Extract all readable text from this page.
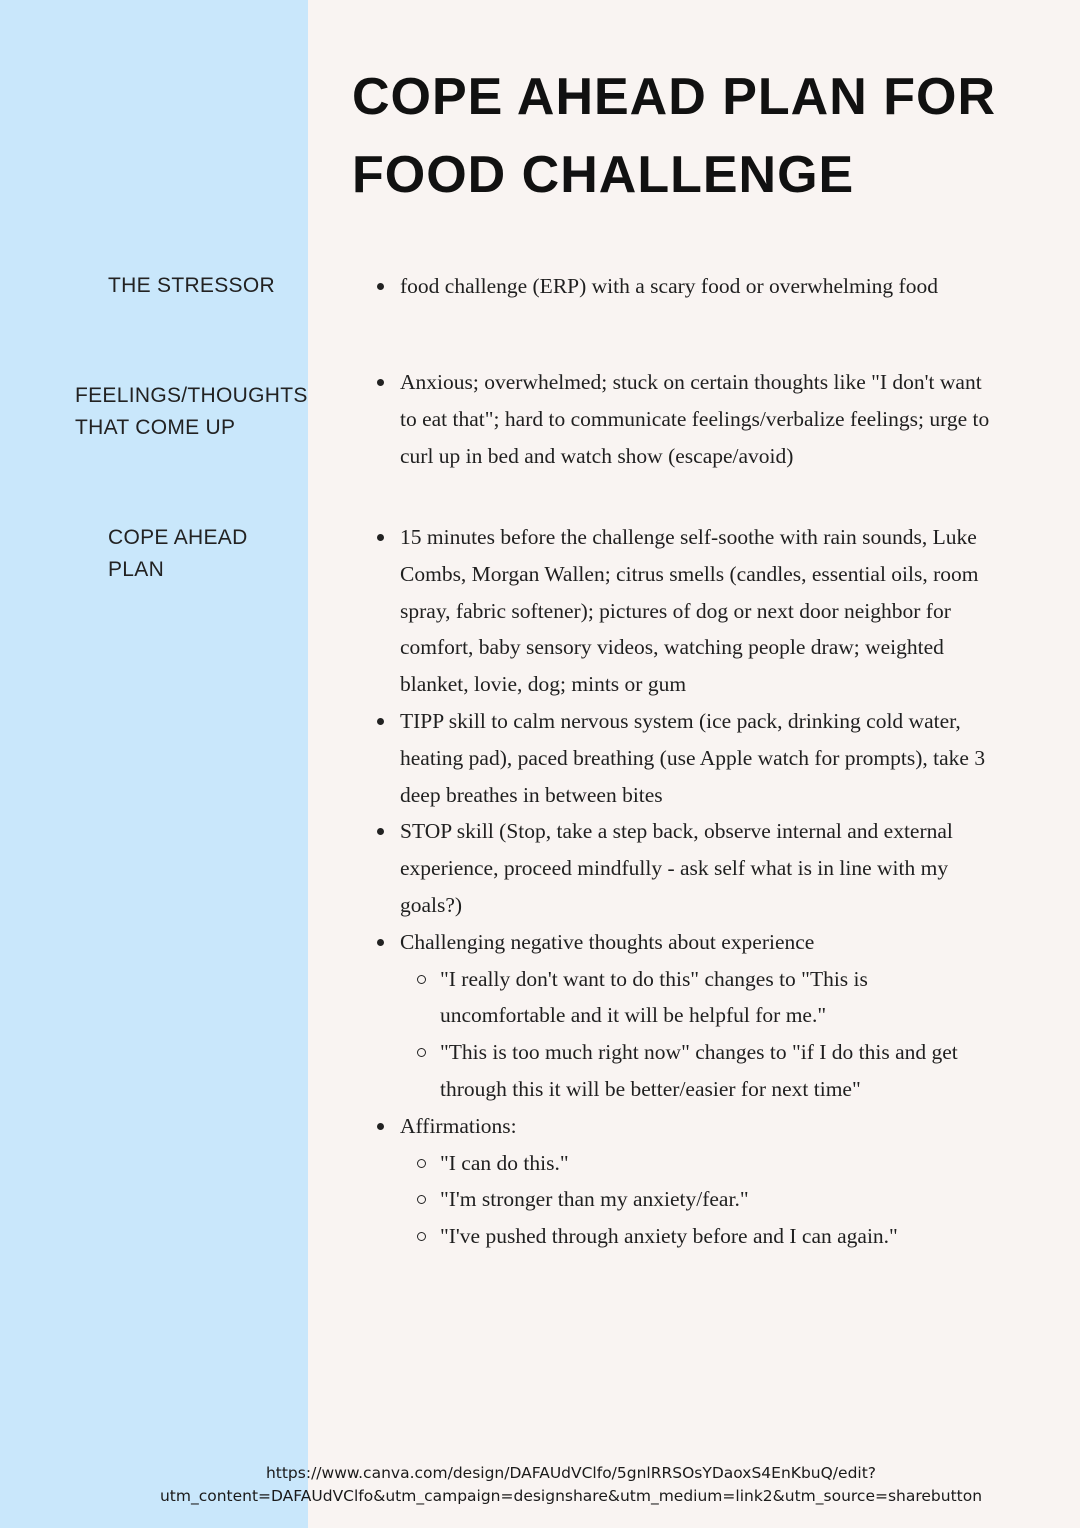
COPE AHEAD PLAN FOR
FOOD CHALLENGE
THE STRESSOR	food challenge (ERP) with a scary food or overwhelming food
FEELINGS/THOUGHTS
THAT COME UP
Anxious; overwhelmed; stuck on certain thoughts like "I don't want to eat that"; hard to communicate feelings/verbalize feelings; urge to curl up in bed and watch show (escape/avoid)
COPE AHEAD
PLAN
15 minutes before the challenge self-soothe with rain sounds, Luke Combs, Morgan Wallen; citrus smells (candles, essential oils, room spray, fabric softener); pictures of dog or next door neighbor for comfort, baby sensory videos, watching people draw; weighted blanket, lovie, dog; mints or gum
TIPP skill to calm nervous system (ice pack, drinking cold water, heating pad), paced breathing (use Apple watch for prompts), take 3 deep breathes in between bites
STOP skill (Stop, take a step back, observe internal and external experience, proceed mindfully - ask self what is in line with my goals?)
Challenging negative thoughts about experience
"I really don't want to do this" changes to "This is uncomfortable and it will be helpful for me."
"This is too much right now" changes to "if I do this and get through this it will be better/easier for next time"
Affirmations:
"I can do this."
"I'm stronger than my anxiety/fear."
"I've pushed through anxiety before and I can again."
https://www.canva.com/design/DAFAUdVClfo/5gnlRRSOsYDaoxS4EnKbuQ/edit?
utm_content=DAFAUdVClfo&utm_campaign=designshare&utm_medium=link2&utm_source=sharebutton
